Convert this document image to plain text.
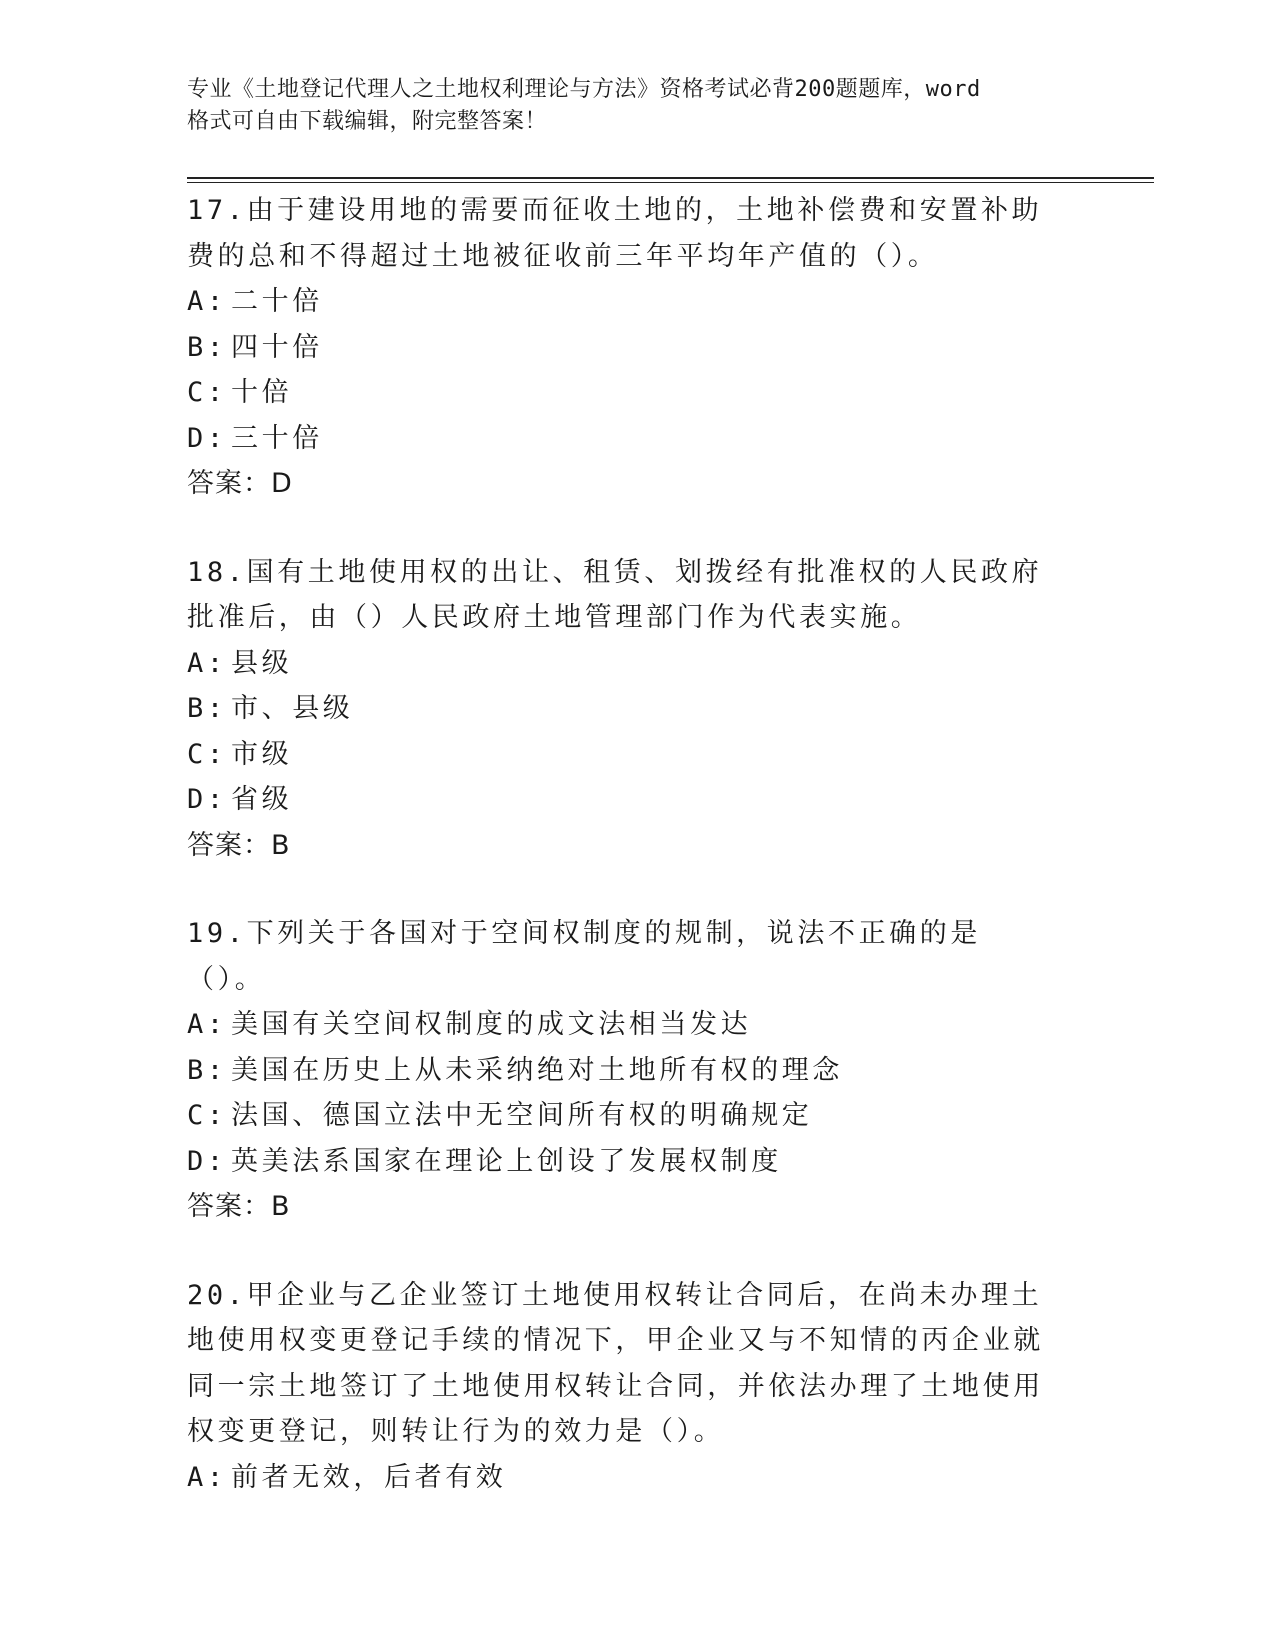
专业《土地登记代理人之土地权利理论与方法》资格考试必背200题题库，word
格式可自由下载编辑，附完整答案！
17.由于建设用地的需要而征收土地的，土地补偿费和安置补助费的总和不得超过土地被征收前三年平均年产值的（）。
A: 二十倍
B: 四十倍
C: 十倍
D: 三十倍
答案：D
18.国有土地使用权的出让、租赁、划拨经有批准权的人民政府批准后，由（）人民政府土地管理部门作为代表实施。
A: 县级
B: 市、县级
C: 市级
D: 省级
答案：B
19.下列关于各国对于空间权制度的规制，说法不正确的是（）。
A: 美国有关空间权制度的成文法相当发达
B: 美国在历史上从未采纳绝对土地所有权的理念
C: 法国、德国立法中无空间所有权的明确规定
D: 英美法系国家在理论上创设了发展权制度
答案：B
20.甲企业与乙企业签订土地使用权转让合同后，在尚未办理土地使用权变更登记手续的情况下，甲企业又与不知情的丙企业就同一宗土地签订了土地使用权转让合同，并依法办理了土地使用权变更登记，则转让行为的效力是（）。
A: 前者无效，后者有效
